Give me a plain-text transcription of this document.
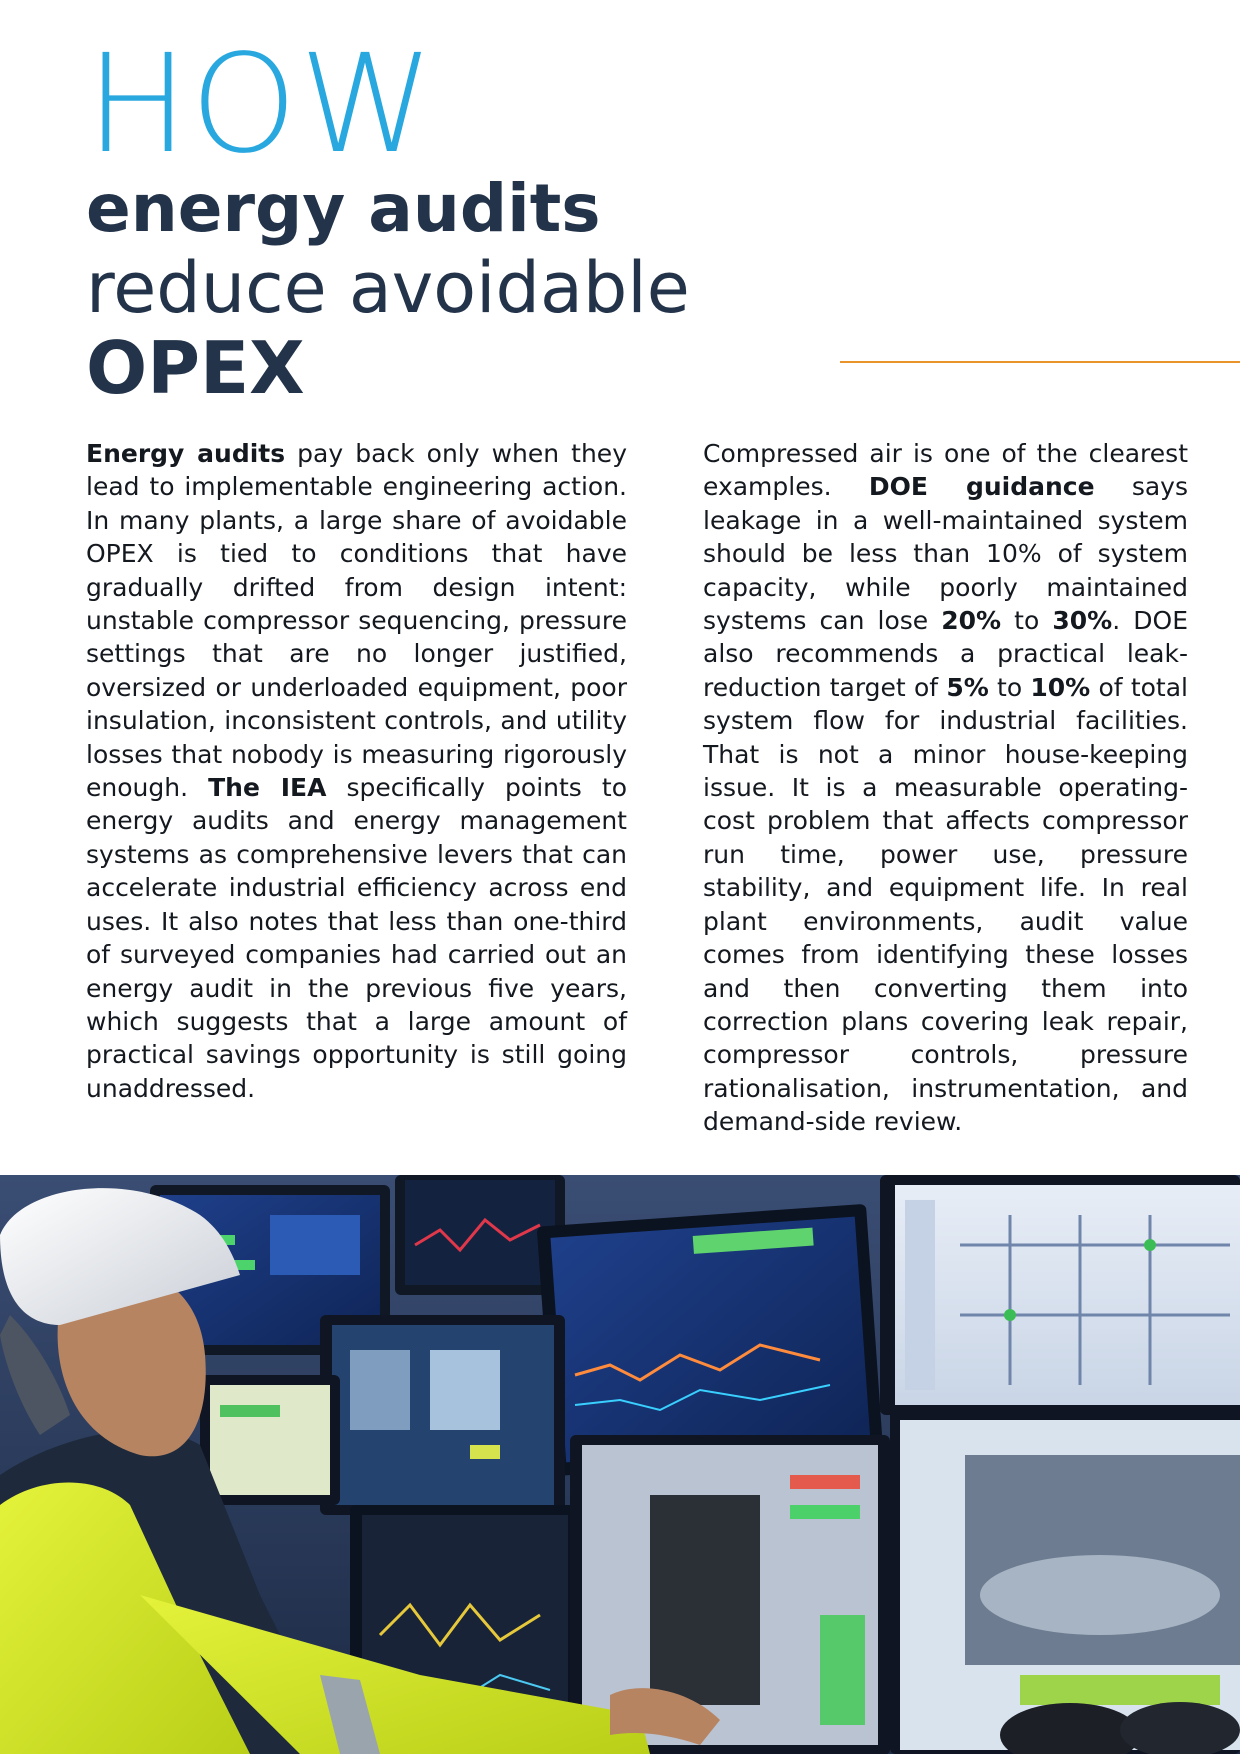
HOW
energy audits
reduce avoidable
OPEX

Energy audits pay back only when they lead to implementable engineering action. In many plants, a large share of avoidable OPEX is tied to conditions that have gradually drifted from design intent: unstable compressor sequencing, pressure settings that are no longer justified, oversized or underloaded equipment, poor insulation, inconsistent controls, and utility losses that nobody is measuring rigorously enough. The IEA specifically points to energy audits and energy management systems as comprehensive levers that can accelerate industrial efficiency across end uses. It also notes that less than one-third of surveyed companies had carried out an energy audit in the previous five years, which suggests that a large amount of practical savings opportunity is still going unaddressed.

Compressed air is one of the clearest examples. DOE guidance says leakage in a well-maintained system should be less than 10% of system capacity, while poorly maintained systems can lose 20% to 30%. DOE also recommends a practical leak-reduction target of 5% to 10% of total system flow for industrial facilities. That is not a minor house-keeping issue. It is a measurable operating-cost problem that affects compressor run time, power use, pressure stability, and equipment life. In real plant environments, audit value comes from identifying these losses and then converting them into correction plans covering leak repair, compressor controls, pressure rationalisation, instrumentation, and demand-side review.
